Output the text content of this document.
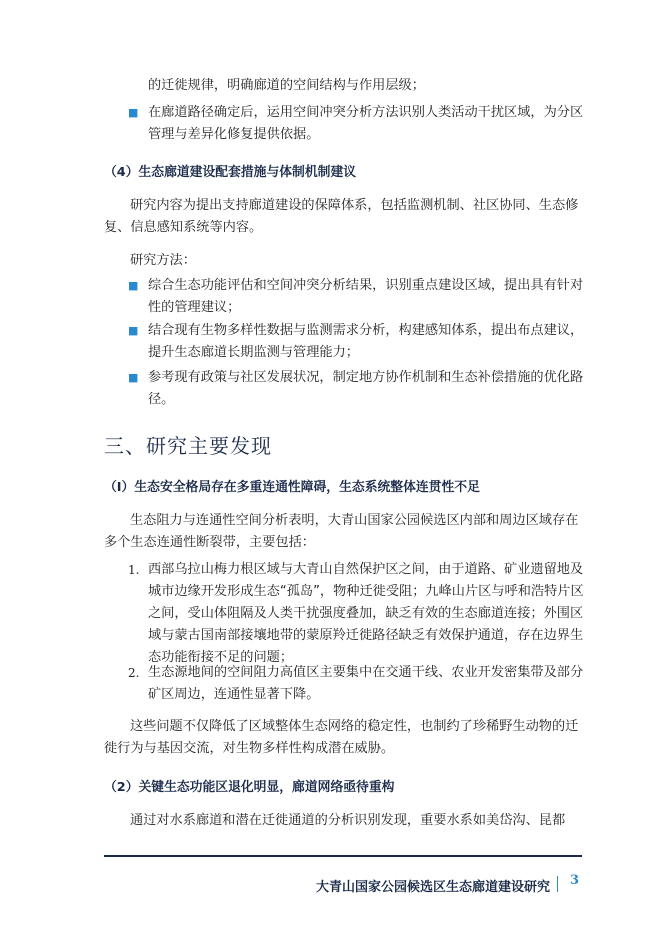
的迁徙规律，明确廊道的空间结构与作用层级；
■ 在廊道路径确定后，运用空间冲突分析方法识别人类活动干扰区域，为分区管理与差异化修复提供依据。
（4）生态廊道建设配套措施与体制机制建议
研究内容为提出支持廊道建设的保障体系，包括监测机制、社区协同、生态修复、信息感知系统等内容。
研究方法：
■ 综合生态功能评估和空间冲突分析结果，识别重点建设区域，提出具有针对性的管理建议；
■ 结合现有生物多样性数据与监测需求分析，构建感知体系，提出布点建议，提升生态廊道长期监测与管理能力；
■ 参考现有政策与社区发展状况，制定地方协作机制和生态补偿措施的优化路径。
三、研究主要发现
（I）生态安全格局存在多重连通性障碍，生态系统整体连贯性不足
生态阻力与连通性空间分析表明，大青山国家公园候选区内部和周边区域存在多个生态连通性断裂带，主要包括：
1. 西部乌拉山梅力根区域与大青山自然保护区之间，由于道路、矿业遗留地及城市边缘开发形成生态“孤岛”，物种迁徙受阻；九峰山片区与呼和浩特片区之间，受山体阻隔及人类干扰强度叠加，缺乏有效的生态廊道连接；外围区域与蒙古国南部接壤地带的蒙原羚迁徙路径缺乏有效保护通道，存在边界生态功能衔接不足的问题；
2. 生态源地间的空间阻力高值区主要集中在交通干线、农业开发密集带及部分矿区周边，连通性显著下降。
这些问题不仅降低了区域整体生态网络的稳定性，也制约了珍稀野生动物的迁徙行为与基因交流，对生物多样性构成潜在威胁。
（2）关键生态功能区退化明显，廊道网络亟待重构
通过对水系廊道和潜在迁徙通道的分析识别发现，重要水系如美岱沟、昆都
大青山国家公园候选区生态廊道建设研究 3
